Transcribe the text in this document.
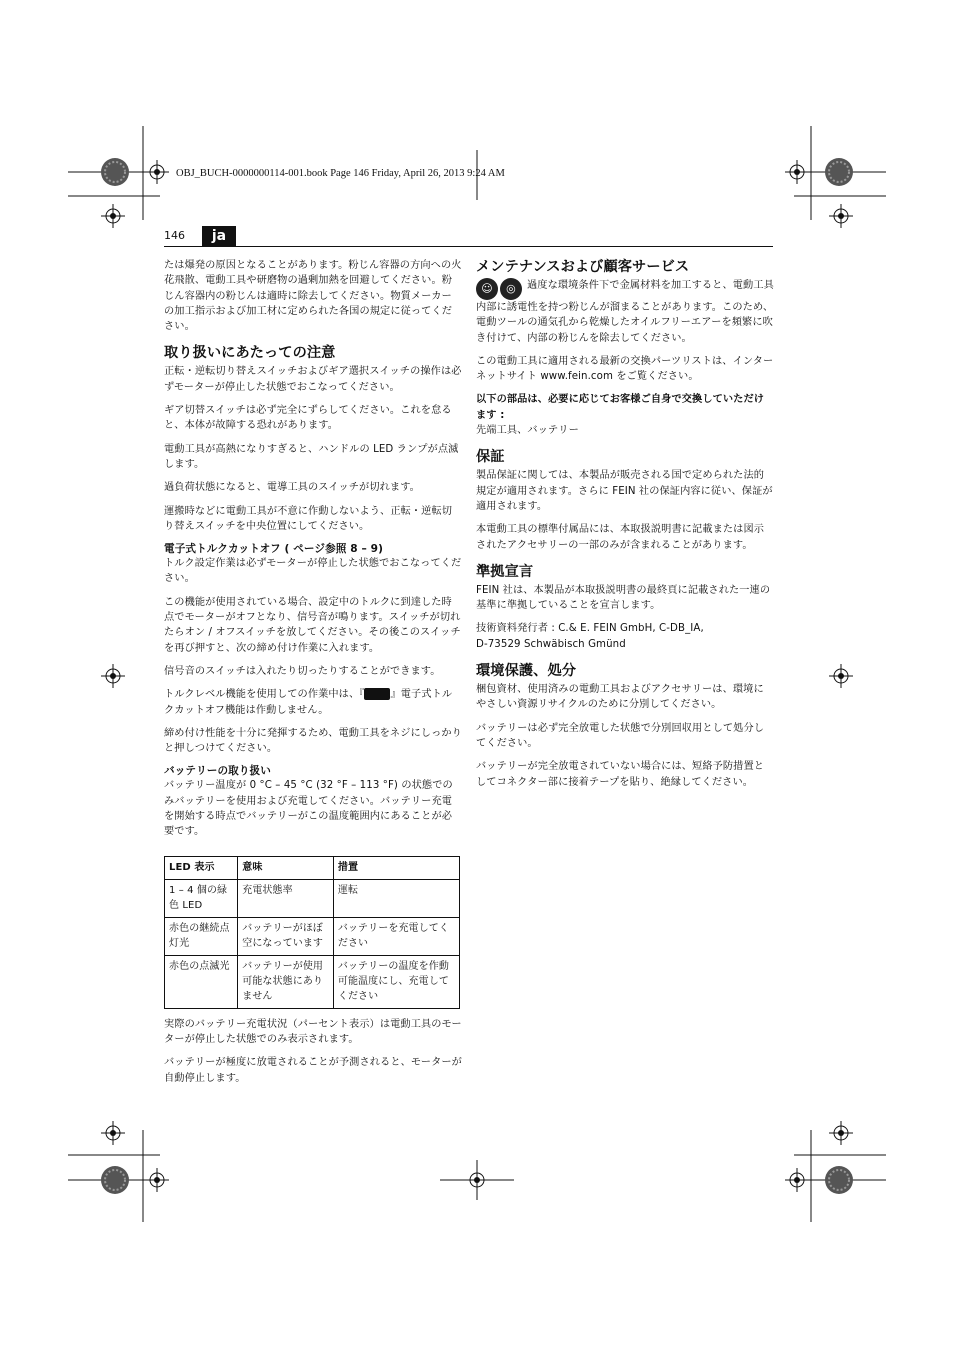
OBJ_BUCH-0000000114-001.book Page 146 Friday, April 26, 2013 9:24 AM
146	ja

たは爆発の原因となることがあります。粉じん容器の方向への火花飛散、電動工具や研磨物の過剰加熱を回避してください。粉じん容器内の粉じんは適時に除去してください。物質メーカーの加工指示および加工材に定められた各国の規定に従ってください。

取り扱いにあたっての注意

正転・逆転切り替えスイッチおよびギア選択スイッチの操作は必ずモーターが停止した状態でおこなってください。

ギア切替スイッチは必ず完全にずらしてください。これを怠ると、本体が故障する恐れがあります。

電動工具が高熱になりすぎると、ハンドルの LED ランプが点滅します。

過負荷状態になると、電導工具のスイッチが切れます。

運搬時などに電動工具が不意に作動しないよう、正転・逆転切り替えスイッチを中央位置にしてください。

電子式トルクカットオフ ( ページ参照 8 – 9)

トルク設定作業は必ずモーターが停止した状態でおこなってください。

この機能が使用されている場合、設定中のトルクに到達した時点でモーターがオフとなり、信号音が鳴ります。スイッチが切れたらオン / オフスイッチを放してください。その後このスイッチを再び押すと、次の締め付け作業に入れます。

信号音のスイッチは入れたり切ったりすることができます。

トルクレベル機能を使用しての作業中は、『	』電子式トルクカットオフ機能は作動しません。

締め付け性能を十分に発揮するため、電動工具をネジにしっかりと押しつけてください。

バッテリーの取り扱い

バッテリー温度が 0 °C – 45 °C (32 °F – 113 °F) の状態でのみバッテリーを使用および充電してください。バッテリー充電を開始する時点でバッテリーがこの温度範囲内にあることが必要です。

LED 表示	意味	措置
1 – 4 個の緑色 LED	充電状態率	運転
赤色の継続点灯光	バッテリーがほぼ空になっています	バッテリーを充電してください
赤色の点滅光	バッテリーが使用可能な状態にありません	バッテリーの温度を作動可能温度にし、充電してください

実際のバッテリー充電状況（パーセント表示）は電動工具のモーターが停止した状態でのみ表示されます。

バッテリーが極度に放電されることが予測されると、モーターが自動停止します。

メンテナンスおよび顧客サービス

☺ ◎ 過度な環境条件下で金属材料を加工すると、電動工具内部に誘電性を持つ粉じんが溜まることがあります。このため、電動ツールの通気孔から乾燥したオイルフリーエアーを頻繁に吹き付けて、内部の粉じんを除去してください。

この電動工具に適用される最新の交換パーツリストは、インターネットサイト www.fein.com をご覧ください。

以下の部品は、必要に応じてお客様ご自身で交換していただけます :
先端工具、バッテリー

保証

製品保証に関しては、本製品が販売される国で定められた法的規定が適用されます。さらに FEIN 社の保証内容に従い、保証が適用されます。

本電動工具の標準付属品には、本取扱説明書に記載または図示されたアクセサリーの一部のみが含まれることがあります。

準拠宣言

FEIN 社は、本製品が本取扱説明書の最終頁に記載された一連の基準に準拠していることを宣言します。

技術資料発行者 : C.& E. FEIN GmbH, C-DB_IA,
D-73529 Schwäbisch Gmünd

環境保護、処分

梱包資材、使用済みの電動工具およびアクセサリーは、環境にやさしい資源リサイクルのために分別してください。

バッテリーは必ず完全放電した状態で分別回収用として処分してください。

バッテリーが完全放電されていない場合には、短絡予防措置としてコネクター部に接着テープを貼り、絶縁してください。
